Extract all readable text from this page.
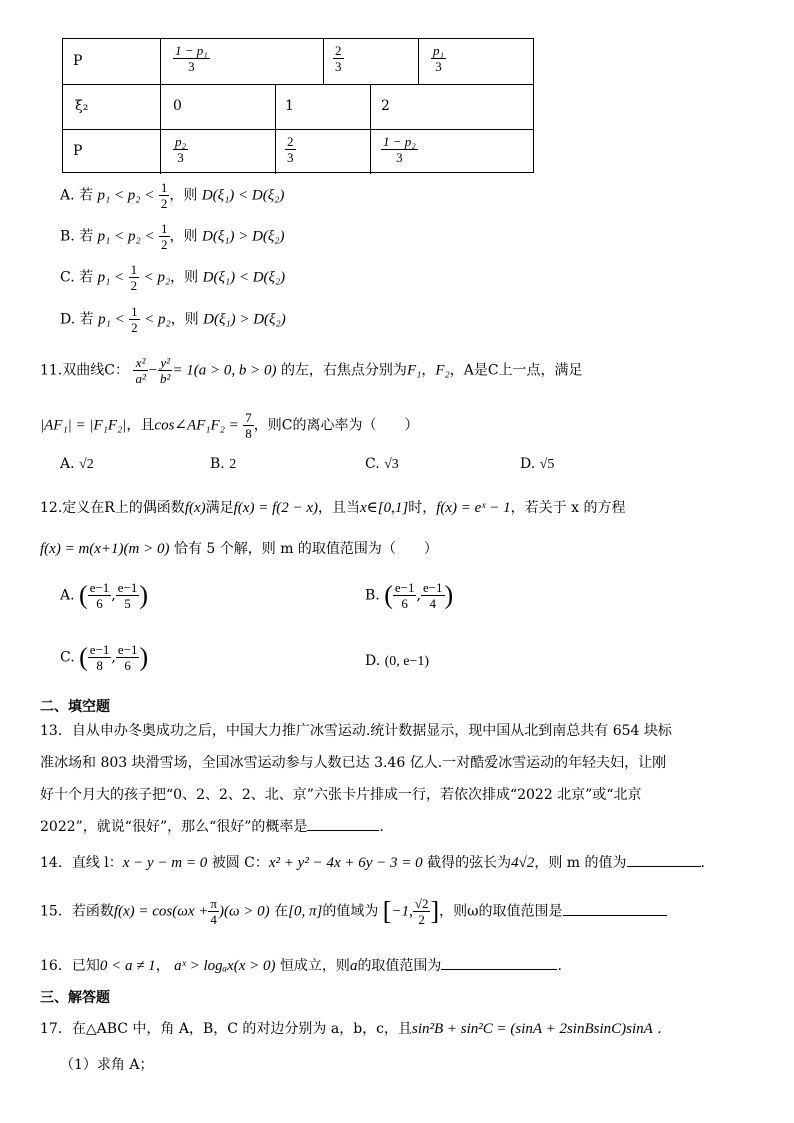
P	$\frac{\text{1 − p₁}}{3}$	$\frac{2}{3}$	$\frac{\text{p₁}}{3}$
ξ₂	0	1	2
P	$\frac{\text{p₂}}{3}$	$\frac{2}{3}$	$\frac{\text{1 − p₂}}{3}$
A. 若 $p_1 < p_2 < \frac{1}{2}$ ，则 D(ξ₁) < D(ξ₂)
B. 若 $p_1 < p_2 < \frac{1}{2}$ ，则 D(ξ₁) > D(ξ₂)
C. 若 $p_1 < \frac{1}{2} < p_2$，则 D(ξ₁) < D(ξ₂)
D. 若 $p_1 < \frac{1}{2} < p_2$，则 D(ξ₁) > D(ξ₂)
11.双曲线C： $\frac{\text{x²}}{\text{a²}} - \frac{\text{y²}}{\text{b²}} = 1(a > 0$, b > 0) 的左，右焦点分别为F₁，F₂，A是C上一点，满足
|AF₁| = |F₁F₂|，且cos∠AF₁F₂ = $\frac{7}{8}$ ，则C的离心率为（　　）
A. √2	B. 2	C. √3	D. √5
12.定义在R上的偶函数f(x)满足f(x) = f(2 − x)，且当x∈[0,1]时，f(x) = eˣ − 1，若关于 x 的方程
f(x) = m(x+1)(m > 0) 恰有 5 个解，则 m 的取值范围为（　　）
A. ( $\frac{e-1}{6}$ , $\frac{e-1}{5}$ )	B. ( $\frac{e-1}{6}$ , $\frac{e-1}{4}$ )
C. ( $\frac{e-1}{8}$ , $\frac{e-1}{6}$ )	D. (0, e−1)
二、填空题
13．自从申办冬奥成功之后，中国大力推广冰雪运动.统计数据显示，现中国从北到南总共有 654 块标
准冰场和 803 块滑雪场，全国冰雪运动参与人数已达 3.46 亿人.一对酷爱冰雪运动的年轻夫妇，让刚
好十个月大的孩子把“0、2、2、2、北、京”六张卡片排成一行，若依次排成“2022 北京”或“北京
2022”，就说“很好”，那么“很好”的概率是	.
14．直线 l：x − y − m = 0 被圆 C：x² + y² − 4x + 6y − 3 = 0 截得的弦长为4√2，则 m 的值为	.
15．若函数$f(x) = \cos(\omega x + \frac{\pi}{4} )(\omega > 0)$ 在[0, π]的值域为 [−1, $\frac{√2}{2}$ ]，则ω的取值范围是
16．已知0 < a ≠ 1， aˣ > logₐx(x > 0) 恒成立，则a的取值范围为	.
三、解答题
17．在△ABC 中，角 A，B，C 的对边分别为 a，b，c，且sin²B + sin²C = (sinA + 2sinBsinC)sinA .
（1）求角 A；
